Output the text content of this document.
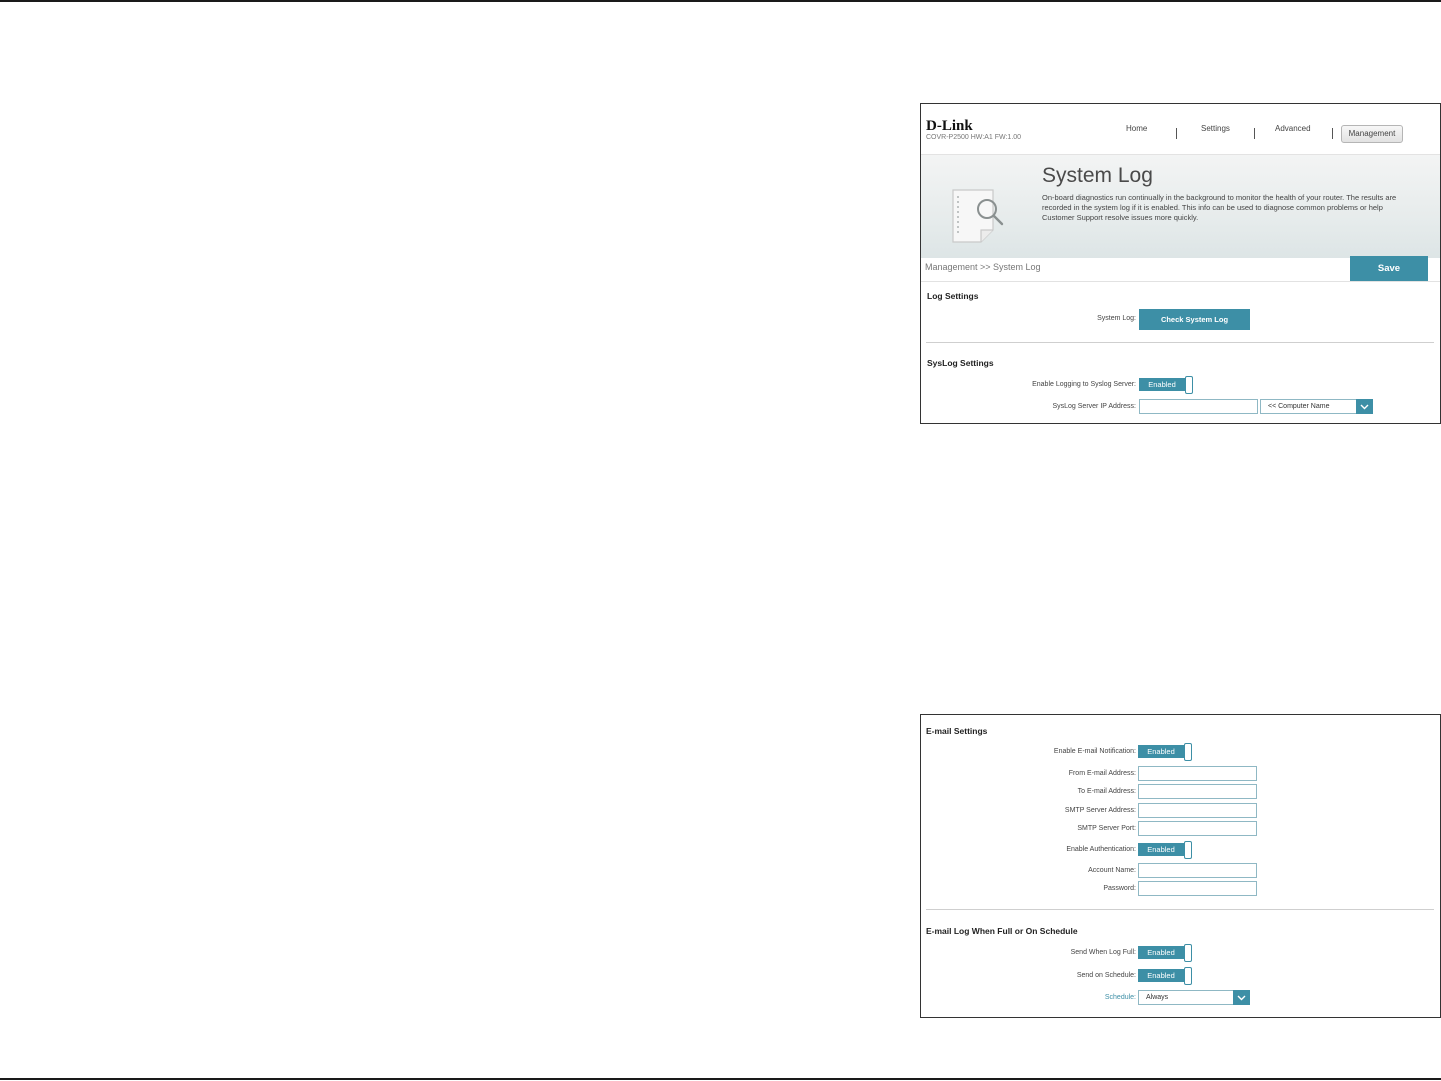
D-Link
COVR-P2500 HW:A1 FW:1.00
Home	Settings	Advanced
Management
System Log
On-board diagnostics run continually in the background to monitor the health of your router. The results are recorded in the system log if it is enabled. This info can be used to diagnose common problems or help Customer Support resolve issues more quickly.
Management >> System Log	Save
Log Settings
System Log:	Check System Log
SysLog Settings
Enable Logging to Syslog Server:	Enabled
SysLog Server IP Address:	<< Computer Name
E-mail Settings
Enable E-mail Notification:	Enabled
From E-mail Address:
To E-mail Address:
SMTP Server Address:
SMTP Server Port:
Enable Authentication:	Enabled
Account Name:
Password:
E-mail Log When Full or On Schedule
Send When Log Full:	Enabled
Send on Schedule:	Enabled
Schedule:	Always
